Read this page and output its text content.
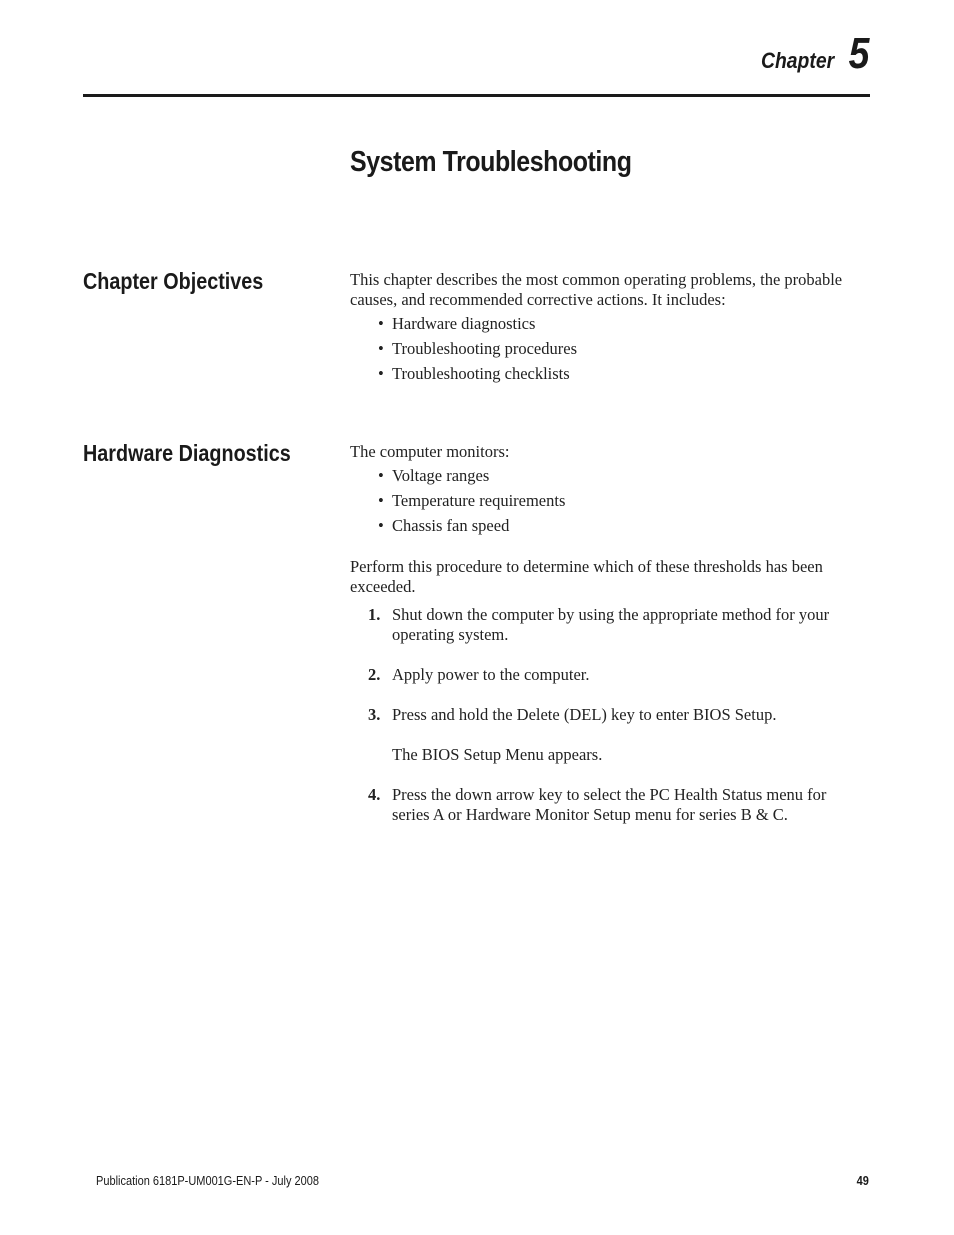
Chapter 5
System Troubleshooting
Chapter Objectives	This chapter describes the most common operating problems, the probable causes, and recommended corrective actions. It includes:

• Hardware diagnostics
• Troubleshooting procedures
• Troubleshooting checklists
Hardware Diagnostics	The computer monitors:

• Voltage ranges
• Temperature requirements
• Chassis fan speed

Perform this procedure to determine which of these thresholds has been exceeded.

1. Shut down the computer by using the appropriate method for your operating system.
2. Apply power to the computer.
3. Press and hold the Delete (DEL) key to enter BIOS Setup.
The BIOS Setup Menu appears.
4. Press the down arrow key to select the PC Health Status menu for series A or Hardware Monitor Setup menu for series B & C.
Publication 6181P-UM001G-EN-P - July 2008	49
